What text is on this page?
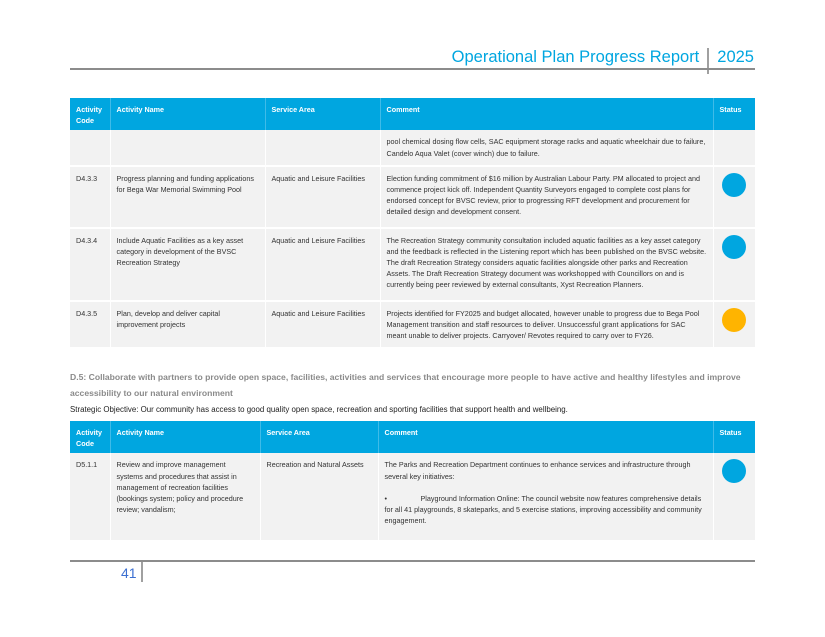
Operational Plan Progress Report	2025
Activity Code	Activity Name	Service Area	Comment	Status
			pool chemical dosing flow cells, SAC equipment storage racks and aquatic wheelchair due to failure, Candelo Aqua Valet (cover winch) due to failure.	
D4.3.3	Progress planning and funding applications for Bega War Memorial Swimming Pool	Aquatic and Leisure Facilities	Election funding commitment of $16 million by Australian Labour Party. PM allocated to project and commence project kick off. Independent Quantity Surveyors engaged to complete cost plans for endorsed concept for BVSC review, prior to progressing RFT development and procurement for detailed design and development consent.	

D4.3.4	Include Aquatic Facilities as a key asset category in development of the BVSC Recreation Strategy	Aquatic and Leisure Facilities	The Recreation Strategy community consultation included aquatic facilities as a key asset category and the feedback is reflected in the Listening report which has been published on the BVSC website. The draft Recreation Strategy considers aquatic facilities alongside other parks and Recreation Assets. The Draft Recreation Strategy document was workshopped with Councillors on and is currently being peer reviewed by external consultants, Xyst Recreation Planners.	

D4.3.5	Plan, develop and deliver capital improvement projects	Aquatic and Leisure Facilities	Projects identified for FY2025 and budget allocated, however unable to progress due to Bega Pool Management transition and staff resources to deliver. Unsuccessful grant applications for SAC meant unable to deliver projects. Carryover/ Revotes required to carry over to FY26.	
D.5: Collaborate with partners to provide open space, facilities, activities and services that encourage more people to have active and healthy lifestyles and improve accessibility to our natural environment
Strategic Objective: Our community has access to good quality open space, recreation and sporting facilities that support health and wellbeing.
Activity Code	Activity Name	Service Area	Comment	Status
D5.1.1	Review and improve management systems and procedures that assist in management of recreation facilities (bookings system; policy and procedure review; vandalism;	Recreation and Natural Assets	The Parks and Recreation Department continues to enhance services and infrastructure through several key initiatives:
• Playground Information Online: The council website now features comprehensive details for all 41 playgrounds, 8 skateparks, and 5 exercise stations, improving accessibility and community engagement.	

41
